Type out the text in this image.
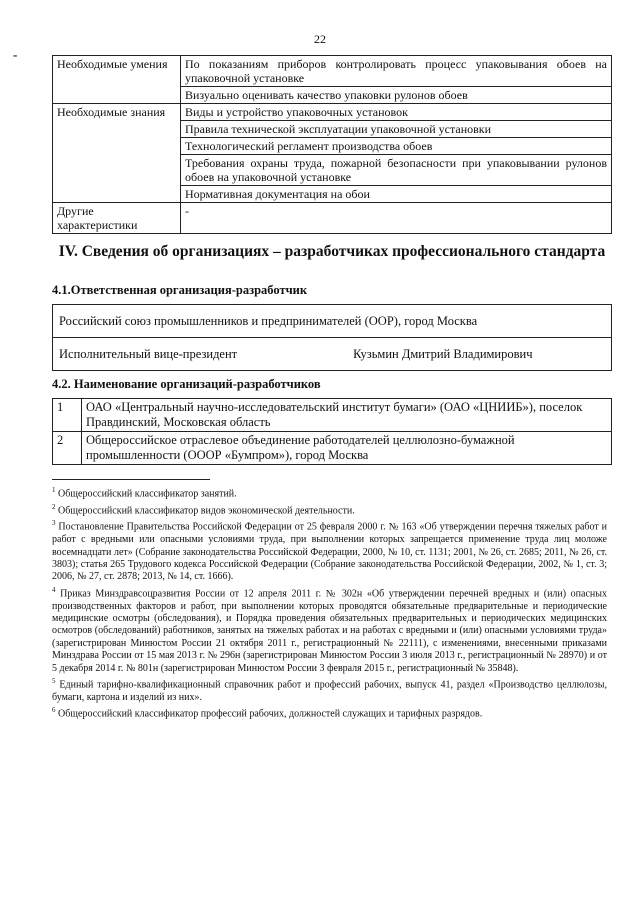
22
-
Необходимые умения	По показаниям приборов контролировать процесс упаковывания обоев на упаковочной установке
	Визуально оценивать качество упаковки рулонов обоев
Необходимые знания	Виды и устройство упаковочных установок
	Правила технической эксплуатации упаковочной установки
	Технологический регламент производства обоев
	Требования охраны труда, пожарной безопасности при упаковывании рулонов обоев на упаковочной установке
	Нормативная документация на обои
Другие характеристики	-
IV. Сведения об организациях – разработчиках профессионального стандарта
4.1.Ответственная организация-разработчик
Российский союз промышленников и предпринимателей (ООР), город Москва
Исполнительный вице-президент	Кузьмин Дмитрий Владимирович
4.2. Наименование организаций-разработчиков
1	ОАО «Центральный научно-исследовательский институт бумаги» (ОАО «ЦНИИБ»), поселок Правдинский, Московская область
2	Общероссийское отраслевое объединение работодателей целлюлозно-бумажной промышленности (ОООР «Бумпром»), город Москва

$^1$ Общероссийский классификатор занятий.

$^2$ Общероссийский классификатор видов экономической деятельности.

$^3$ Постановление Правительства Российской Федерации от 25 февраля 2000 г. № 163 «Об утверждении перечня тяжелых работ и работ с вредными или опасными условиями труда, при выполнении которых запрещается применение труда лиц моложе восемнадцати лет» (Собрание законодательства Российской Федерации, 2000, № 10, ст. 1131; 2001, № 26, ст. 2685; 2011, № 26, ст. 3803); статья 265 Трудового кодекса Российской Федерации (Собрание законодательства Российской Федерации, 2002, № 1, ст. 3; 2006, № 27, ст. 2878; 2013, № 14, ст. 1666).

$^4$ Приказ Минздравсоцразвития России от 12 апреля 2011 г. № 302н «Об утверждении перечней вредных и (или) опасных производственных факторов и работ, при выполнении которых проводятся обязательные предварительные и периодические медицинские осмотры (обследования), и Порядка проведения обязательных предварительных и периодических медицинских осмотров (обследований) работников, занятых на тяжелых работах и на работах с вредными и (или) опасными условиями труда» (зарегистрирован Минюстом России 21 октября 2011 г., регистрационный № 22111), с изменениями, внесенными приказами Минздрава России от 15 мая 2013 г. № 296н (зарегистрирован Минюстом России 3 июля 2013 г., регистрационный № 28970) и от 5 декабря 2014 г. № 801н (зарегистрирован Минюстом России 3 февраля 2015 г., регистрационный № 35848).

$^5$ Единый тарифно-квалификационный справочник работ и профессий рабочих, выпуск 41, раздел «Производство целлюлозы, бумаги, картона и изделий из них».

$^6$ Общероссийский классификатор профессий рабочих, должностей служащих и тарифных разрядов.
